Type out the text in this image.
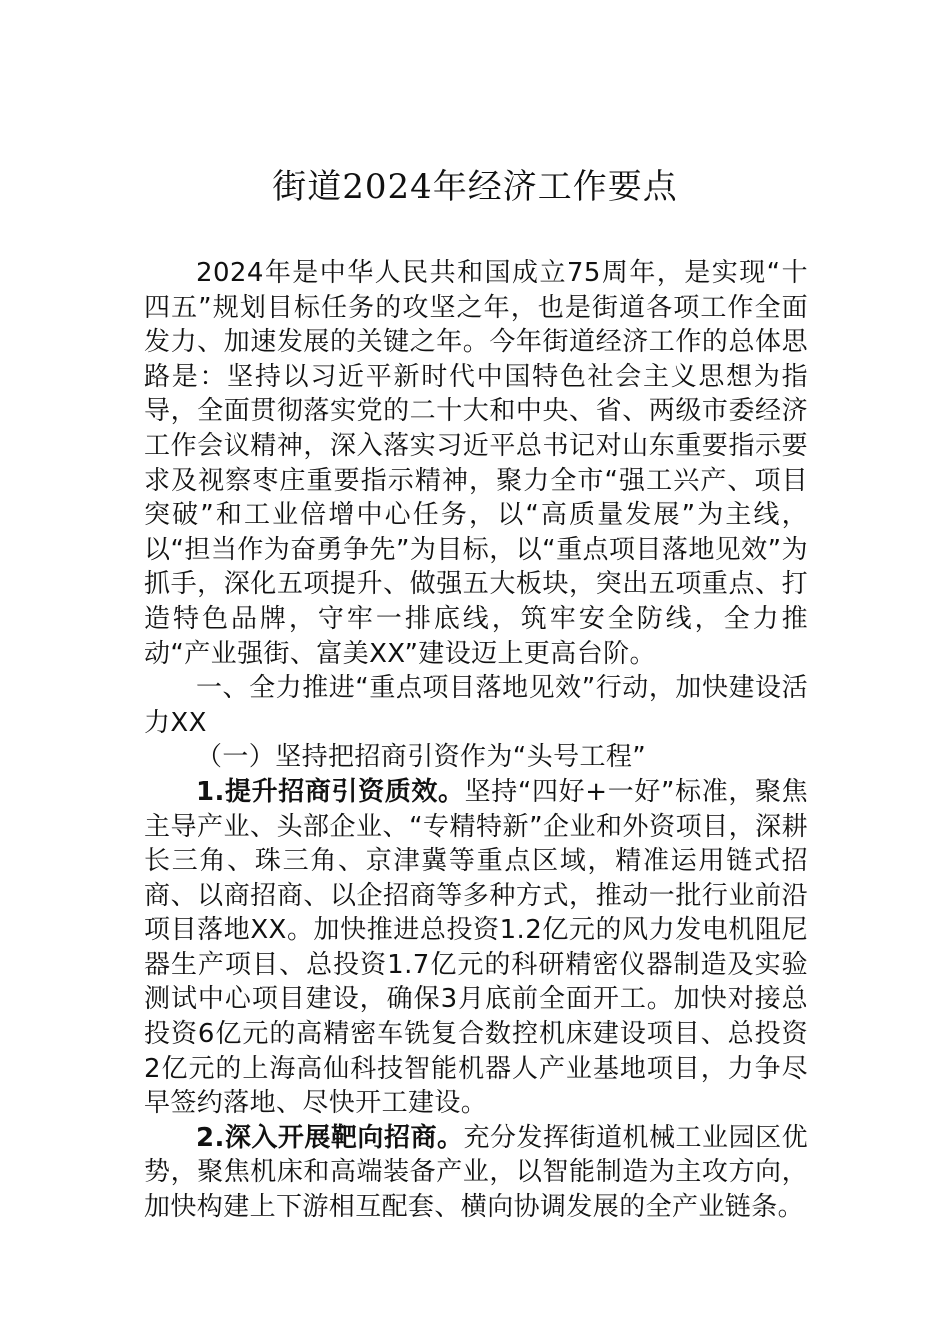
街道2024年经济工作要点

2024年是中华人民共和国成立75周年，是实现“十四五”规划目标任务的攻坚之年，也是街道各项工作全面发力、加速发展的关键之年。今年街道经济工作的总体思路是：坚持以习近平新时代中国特色社会主义思想为指导，全面贯彻落实党的二十大和中央、省、两级市委经济工作会议精神，深入落实习近平总书记对山东重要指示要求及视察枣庄重要指示精神，聚力全市“强工兴产、项目突破”和工业倍增中心任务，以“高质量发展”为主线，以“担当作为奋勇争先”为目标，以“重点项目落地见效”为抓手，深化五项提升、做强五大板块，突出五项重点、打造特色品牌，守牢一排底线，筑牢安全防线，全力推动“产业强街、富美XX”建设迈上更高台阶。

一、全力推进“重点项目落地见效”行动，加快建设活力XX

（一）坚持把招商引资作为“头号工程”

1.提升招商引资质效。坚持“四好+一好”标准，聚焦主导产业、头部企业、“专精特新”企业和外资项目，深耕长三角、珠三角、京津冀等重点区域，精准运用链式招商、以商招商、以企招商等多种方式，推动一批行业前沿项目落地XX。加快推进总投资1.2亿元的风力发电机阻尼器生产项目、总投资1.7亿元的科研精密仪器制造及实验测试中心项目建设，确保3月底前全面开工。加快对接总投资6亿元的高精密车铣复合数控机床建设项目、总投资2亿元的上海高仙科技智能机器人产业基地项目，力争尽早签约落地、尽快开工建设。

2.深入开展靶向招商。充分发挥街道机械工业园区优势，聚焦机床和高端装备产业，以智能制造为主攻方向，加快构建上下游相互配套、横向协调发展的全产业链条。
